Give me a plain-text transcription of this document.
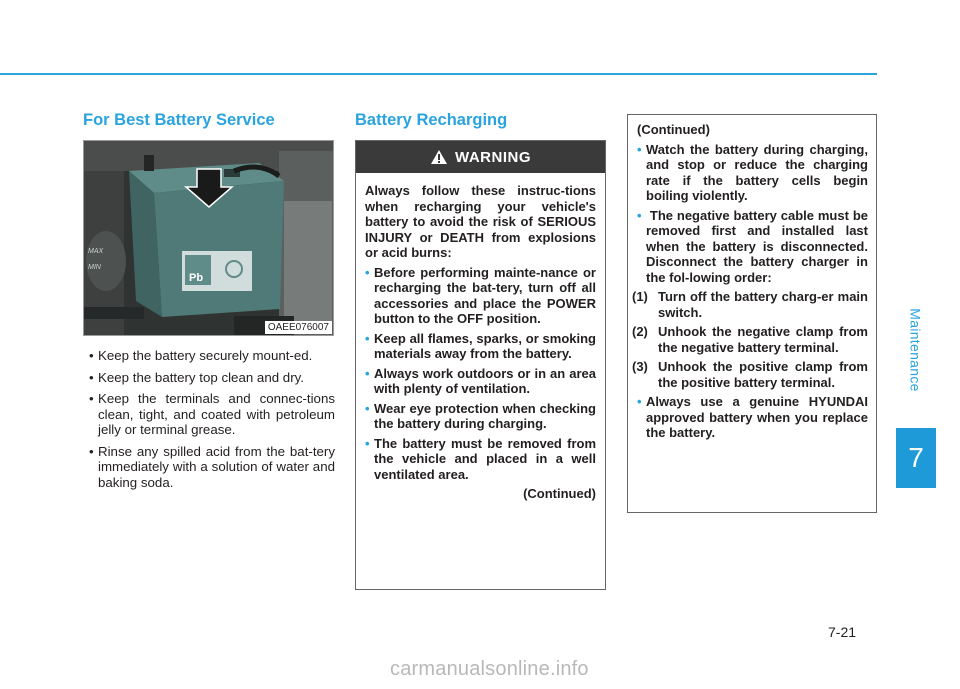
Maintenance
7
For Best Battery Service	Battery Recharging
MAX
MIN
Pb
OAEE076007
• Keep the battery securely mount-ed.
• Keep the battery top clean and dry.
• Keep the terminals and connec-tions clean, tight, and coated with petroleum jelly or terminal grease.
• Rinse any spilled acid from the bat-tery immediately with a solution of water and baking soda.
WARNING

Always follow these instruc-tions when recharging your vehicle's battery to avoid the risk of SERIOUS INJURY or DEATH from explosions or acid burns:

• Before performing mainte-nance or recharging the bat-tery, turn off all accessories and place the POWER button to the OFF position.
• Keep all flames, sparks, or smoking materials away from the battery.
• Always work outdoors or in an area with plenty of ventilation.
• Wear eye protection when checking the battery during charging.
• The battery must be removed from the vehicle and placed in a well ventilated area.

(Continued)

(Continued)

• Watch the battery during charging, and stop or reduce the charging rate if the battery cells begin boiling violently.
• The negative battery cable must be removed first and installed last when the battery is disconnected. Disconnect the battery charger in the fol-lowing order:
(1) Turn off the battery charg-er main switch.
(2) Unhook the negative clamp from the negative battery terminal.
(3) Unhook the positive clamp from the positive battery terminal.
• Always use a genuine HYUNDAI approved battery when you replace the battery.
7-21
carmanualsonline.info
